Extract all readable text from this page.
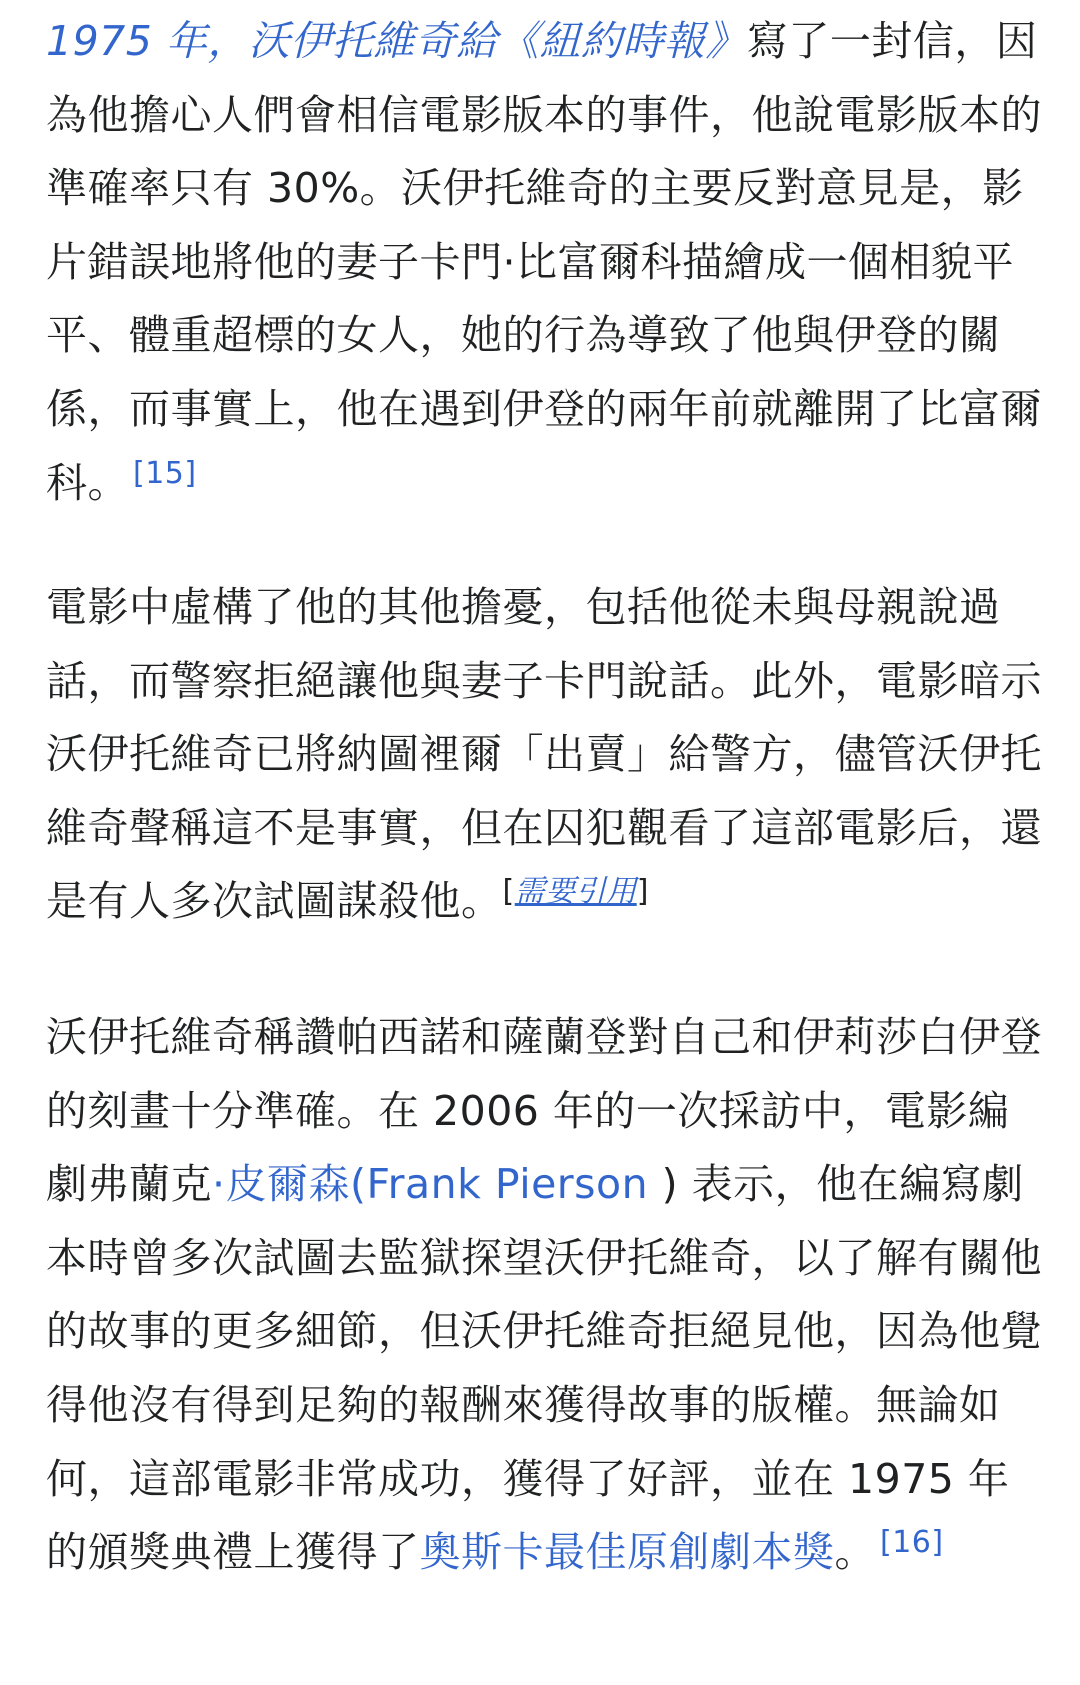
1975 年，沃伊托維奇給《紐約時報》寫了一封信，因為他擔心人們會相信電影版本的事件，他說電影版本的準確率只有 30%。沃伊托維奇的主要反對意見是，影片錯誤地將他的妻子卡門·比富爾科描繪成一個相貌平平、體重超標的女人，她的行為導致了他與伊登的關係，而事實上，他在遇到伊登的兩年前就離開了比富爾科。 [15]

電影中虛構了他的其他擔憂，包括他從未與母親說過話，而警察拒絕讓他與妻子卡門說話。此外，電影暗示沃伊托維奇已將納圖裡爾「出賣」給警方，儘管沃伊托維奇聲稱這不是事實，但在囚犯觀看了這部電影后，還是有人多次試圖謀殺他。[需要引用]

沃伊托維奇稱讚帕西諾和薩蘭登對自己和伊莉莎白伊登的刻畫十分準確。在 2006 年的一次採訪中，電影編劇弗蘭克·皮爾森(Frank Pierson ) 表示，他在編寫劇本時曾多次試圖去監獄探望沃伊托維奇，以了解有關他的故事的更多細節，但沃伊托維奇拒絕見他，因為他覺得他沒有得到足夠的報酬來獲得故事的版權。無論如何，這部電影非常成功，獲得了好評，並在 1975 年的頒獎典禮上獲得了奧斯卡最佳原創劇本獎。 [16]
